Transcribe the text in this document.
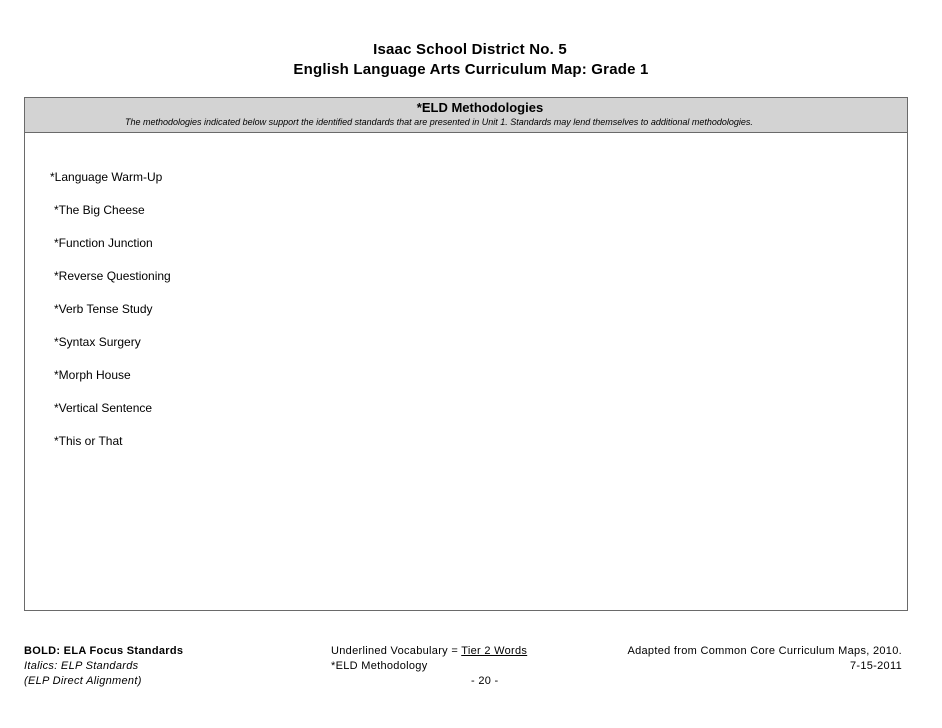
Isaac School District No. 5
English Language Arts Curriculum Map: Grade 1
*ELD Methodologies
The methodologies indicated below support the identified standards that are presented in Unit 1. Standards may lend themselves to additional methodologies.
*Language Warm-Up
*The Big Cheese
*Function Junction
*Reverse Questioning
*Verb Tense Study
*Syntax Surgery
*Morph House
*Vertical Sentence
*This or That
BOLD: ELA Focus Standards
Italics: ELP Standards
(ELP Direct Alignment)
Underlined Vocabulary = Tier 2 Words
*ELD Methodology
- 20 -
Adapted from Common Core Curriculum Maps, 2010.
7-15-2011
